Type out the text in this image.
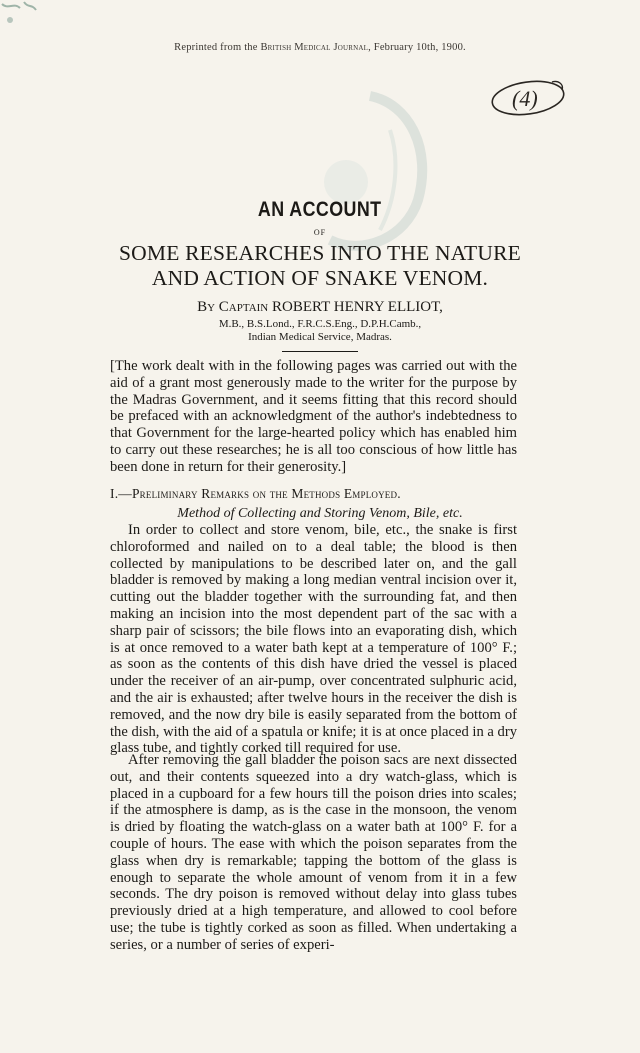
Reprinted from the British Medical Journal, February 10th, 1900.
(4)
AN ACCOUNT
OF
SOME RESEARCHES INTO THE NATURE
AND ACTION OF SNAKE VENOM.
By Captain ROBERT HENRY ELLIOT,
M.B., B.S.Lond., F.R.C.S.Eng., D.P.H.Camb.,
Indian Medical Service, Madras.

[The work dealt with in the following pages was carried out with the aid of a grant most generously made to the writer for the purpose by the Madras Government, and it seems fitting that this record should be prefaced with an acknowledgment of the author's indebtedness to that Government for the large-hearted policy which has enabled him to carry out these researches; he is all too conscious of how little has been done in return for their generosity.]

I.—Preliminary Remarks on the Methods Employed.
Method of Collecting and Storing Venom, Bile, etc.

In order to collect and store venom, bile, etc., the snake is first chloroformed and nailed on to a deal table; the blood is then collected by manipulations to be described later on, and the gall bladder is removed by making a long median ventral incision over it, cutting out the bladder together with the surrounding fat, and then making an incision into the most dependent part of the sac with a sharp pair of scissors; the bile flows into an evaporating dish, which is at once removed to a water bath kept at a temperature of 100° F.; as soon as the contents of this dish have dried the vessel is placed under the receiver of an air-pump, over concentrated sulphuric acid, and the air is exhausted; after twelve hours in the receiver the dish is removed, and the now dry bile is easily separated from the bottom of the dish, with the aid of a spatula or knife; it is at once placed in a dry glass tube, and tightly corked till required for use.

After removing the gall bladder the poison sacs are next dissected out, and their contents squeezed into a dry watch-glass, which is placed in a cupboard for a few hours till the poison dries into scales; if the atmosphere is damp, as is the case in the monsoon, the venom is dried by floating the watch-glass on a water bath at 100° F. for a couple of hours. The ease with which the poison separates from the glass when dry is remarkable; tapping the bottom of the glass is enough to separate the whole amount of venom from it in a few seconds. The dry poison is removed without delay into glass tubes previously dried at a high temperature, and allowed to cool before use; the tube is tightly corked as soon as filled. When undertaking a series, or a number of series of experi-
